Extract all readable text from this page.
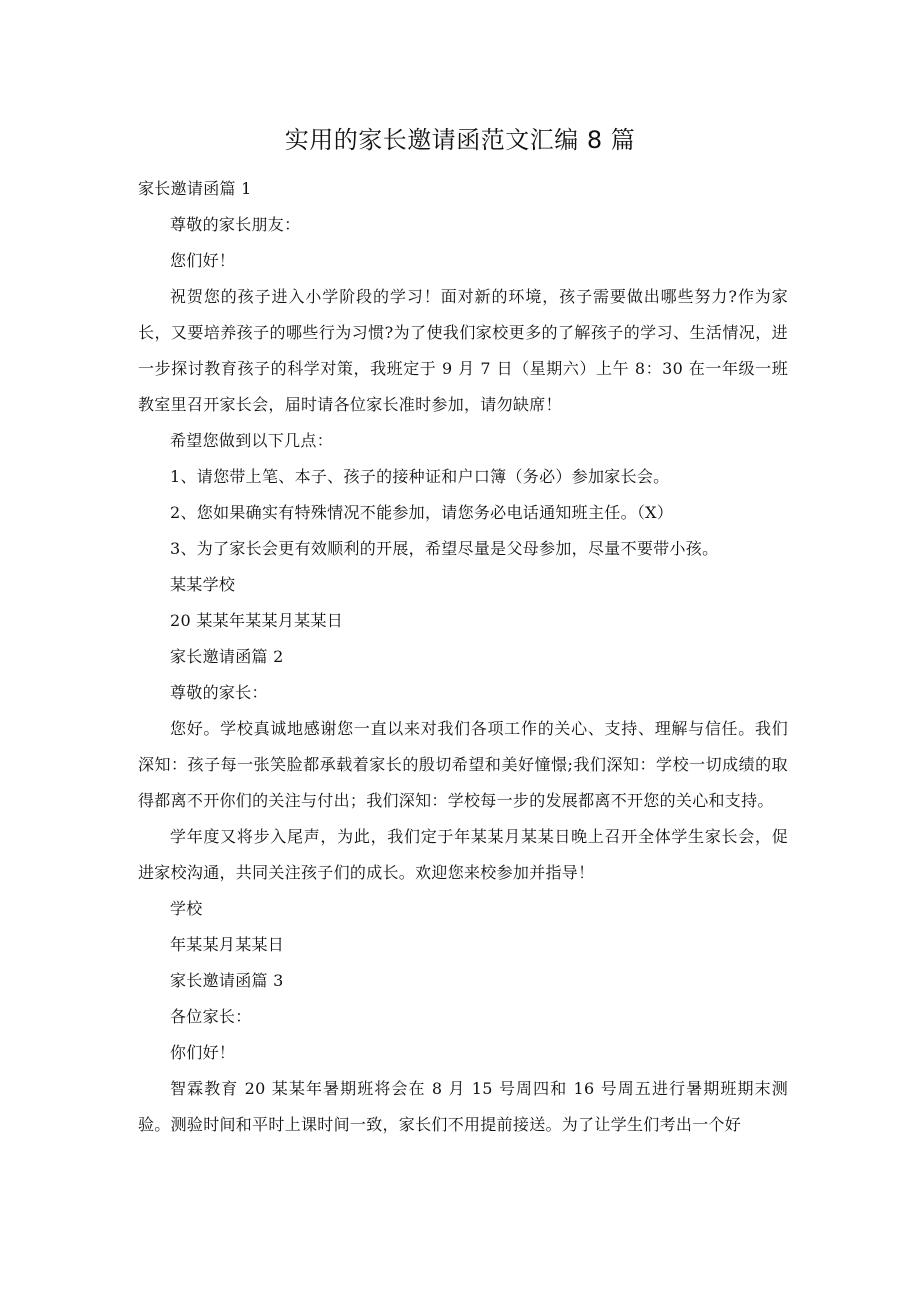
实用的家长邀请函范文汇编 8 篇

家长邀请函篇 1

尊敬的家长朋友：

您们好！

祝贺您的孩子进入小学阶段的学习！面对新的环境，孩子需要做出哪些努力?作为家长，又要培养孩子的哪些行为习惯?为了使我们家校更多的了解孩子的学习、生活情况，进一步探讨教育孩子的科学对策，我班定于 9 月 7 日（星期六）上午 8：30 在一年级一班教室里召开家长会，届时请各位家长准时参加，请勿缺席！

希望您做到以下几点：

1、请您带上笔、本子、孩子的接种证和户口簿（务必）参加家长会。

2、您如果确实有特殊情况不能参加，请您务必电话通知班主任。（X）

3、为了家长会更有效顺利的开展，希望尽量是父母参加，尽量不要带小孩。

某某学校

20 某某年某某月某某日

家长邀请函篇 2

尊敬的家长：

您好。学校真诚地感谢您一直以来对我们各项工作的关心、支持、理解与信任。我们深知：孩子每一张笑脸都承载着家长的殷切希望和美好憧憬;我们深知：学校一切成绩的取得都离不开你们的关注与付出；我们深知：学校每一步的发展都离不开您的关心和支持。

学年度又将步入尾声，为此，我们定于年某某月某某日晚上召开全体学生家长会，促进家校沟通，共同关注孩子们的成长。欢迎您来校参加并指导！

学校

年某某月某某日

家长邀请函篇 3

各位家长：

你们好！

智霖教育 20 某某年暑期班将会在 8 月 15 号周四和 16 号周五进行暑期班期末测验。测验时间和平时上课时间一致，家长们不用提前接送。为了让学生们考出一个好
